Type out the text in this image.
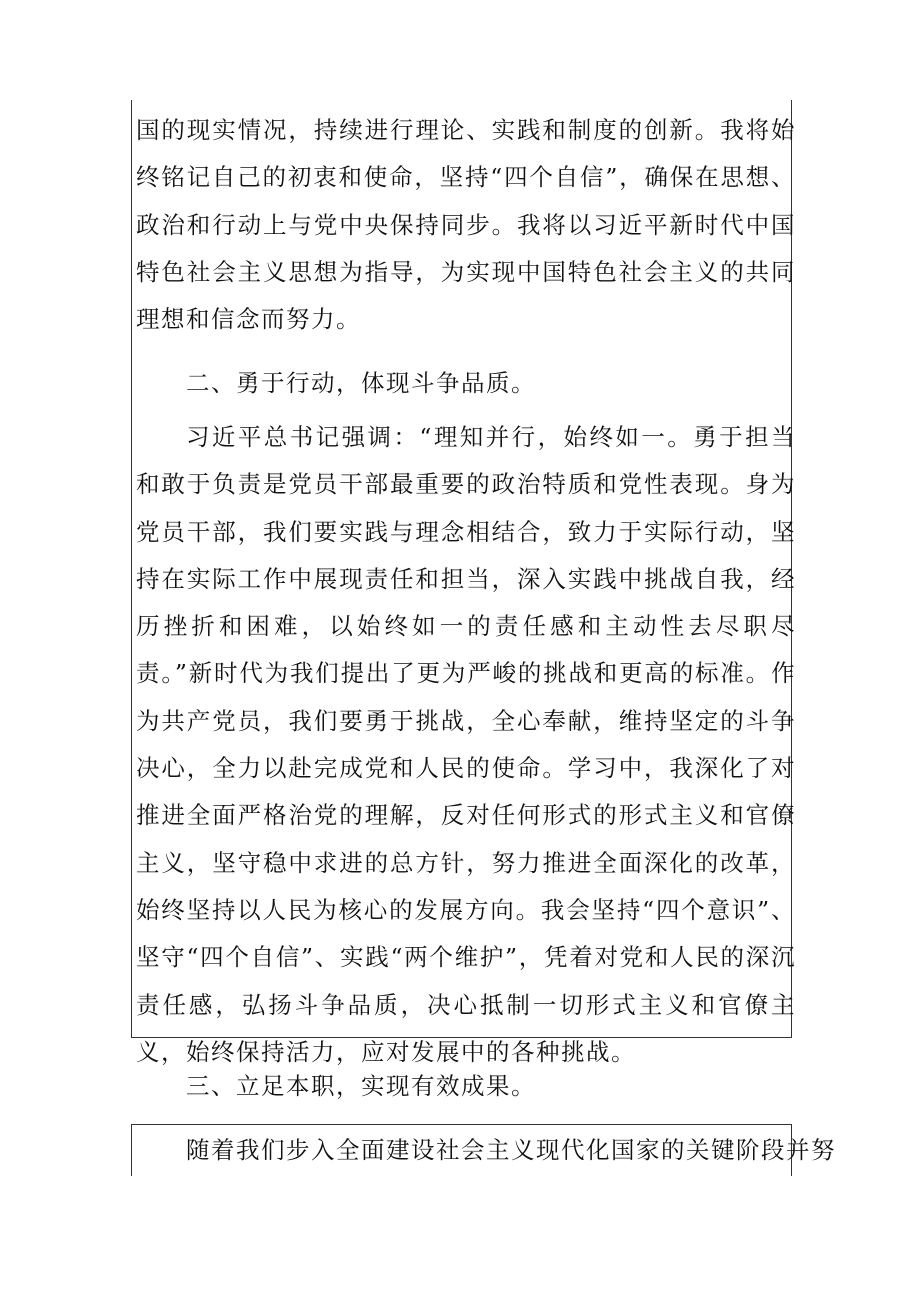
国的现实情况，持续进行理论、实践和制度的创新。我将始终铭记自己的初衷和使命，坚持“四个自信”，确保在思想、政治和行动上与党中央保持同步。我将以习近平新时代中国特色社会主义思想为指导，为实现中国特色社会主义的共同理想和信念而努力。

二、勇于行动，体现斗争品质。

习近平总书记强调：“理知并行，始终如一。勇于担当和敢于负责是党员干部最重要的政治特质和党性表现。身为党员干部，我们要实践与理念相结合，致力于实际行动，坚持在实际工作中展现责任和担当，深入实践中挑战自我，经历挫折和困难，以始终如一的责任感和主动性去尽职尽责。”新时代为我们提出了更为严峻的挑战和更高的标准。作为共产党员，我们要勇于挑战，全心奉献，维持坚定的斗争决心，全力以赴完成党和人民的使命。学习中，我深化了对推进全面严格治党的理解，反对任何形式的形式主义和官僚主义，坚守稳中求进的总方针，努力推进全面深化的改革，始终坚持以人民为核心的发展方向。我会坚持“四个意识”、坚守“四个自信”、实践“两个维护”，凭着对党和人民的深沉责任感，弘扬斗争品质，决心抵制一切形式主义和官僚主义，始终保持活力，应对发展中的各种挑战。

三、立足本职，实现有效成果。

随着我们步入全面建设社会主义现代化国家的关键阶段并努
